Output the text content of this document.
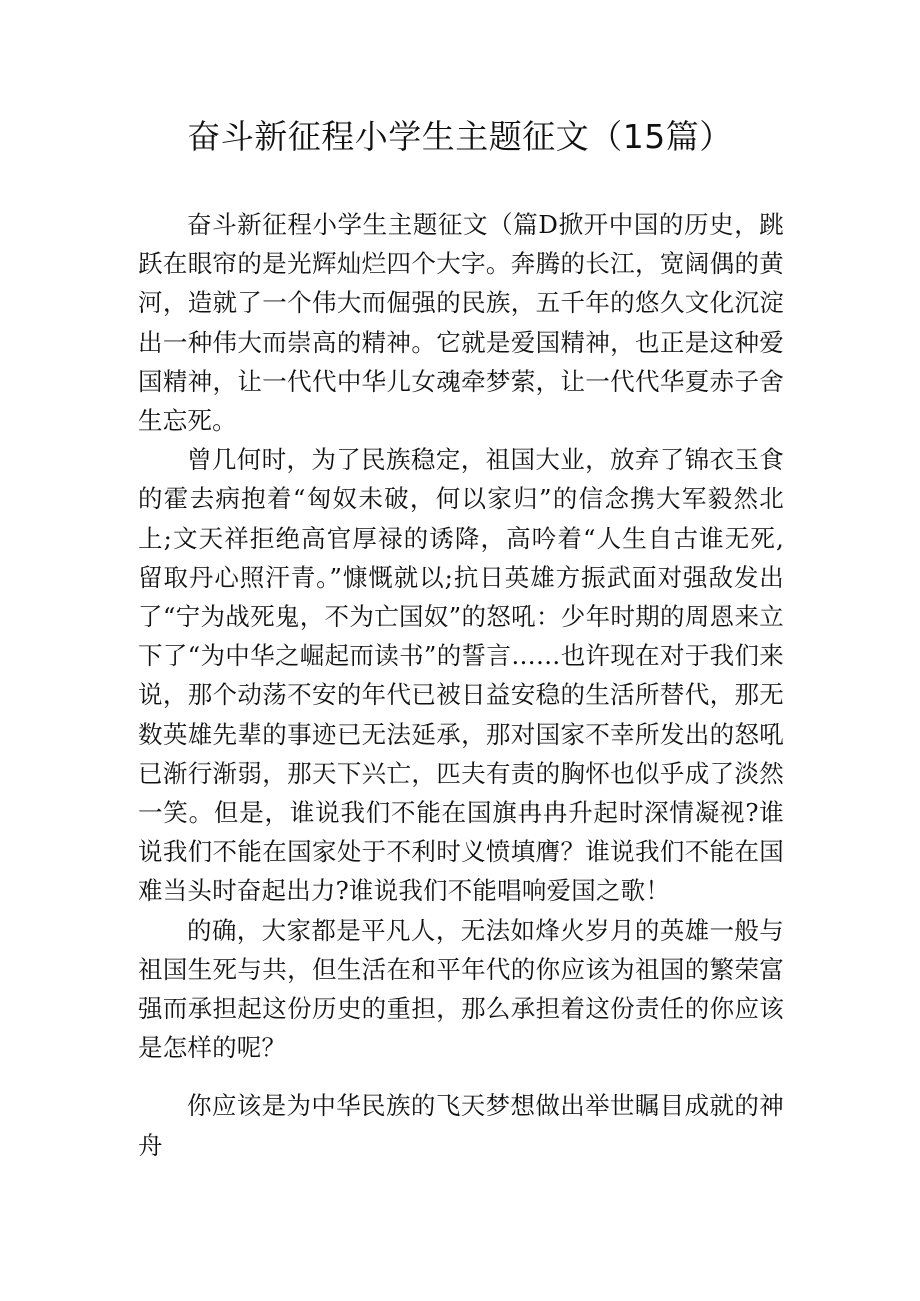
奋斗新征程小学生主题征文（15篇）

奋斗新征程小学生主题征文（篇D掀开中国的历史，跳跃在眼帘的是光辉灿烂四个大字。奔腾的长江，宽阔偶的黄河，造就了一个伟大而倔强的民族，五千年的悠久文化沉淀出一种伟大而崇高的精神。它就是爱国精神，也正是这种爱国精神，让一代代中华儿女魂牵梦萦，让一代代华夏赤子舍生忘死。

曾几何时，为了民族稳定，祖国大业，放弃了锦衣玉食的霍去病抱着“匈奴未破，何以家归”的信念携大军毅然北上;文天祥拒绝高官厚禄的诱降，高吟着“人生自古谁无死,留取丹心照汗青。”慷慨就以;抗日英雄方振武面对强敌发出了“宁为战死鬼，不为亡国奴”的怒吼：少年时期的周恩来立下了“为中华之崛起而读书”的誓言……也许现在对于我们来说，那个动荡不安的年代已被日益安稳的生活所替代，那无数英雄先辈的事迹已无法延承，那对国家不幸所发出的怒吼已渐行渐弱，那天下兴亡，匹夫有责的胸怀也似乎成了淡然一笑。但是，谁说我们不能在国旗冉冉升起时深情凝视?谁说我们不能在国家处于不利时义愤填膺？谁说我们不能在国难当头时奋起出力?谁说我们不能唱响爱国之歌！

的确，大家都是平凡人，无法如烽火岁月的英雄一般与祖国生死与共，但生活在和平年代的你应该为祖国的繁荣富强而承担起这份历史的重担，那么承担着这份责任的你应该是怎样的呢？

你应该是为中华民族的飞天梦想做出举世瞩目成就的神舟
